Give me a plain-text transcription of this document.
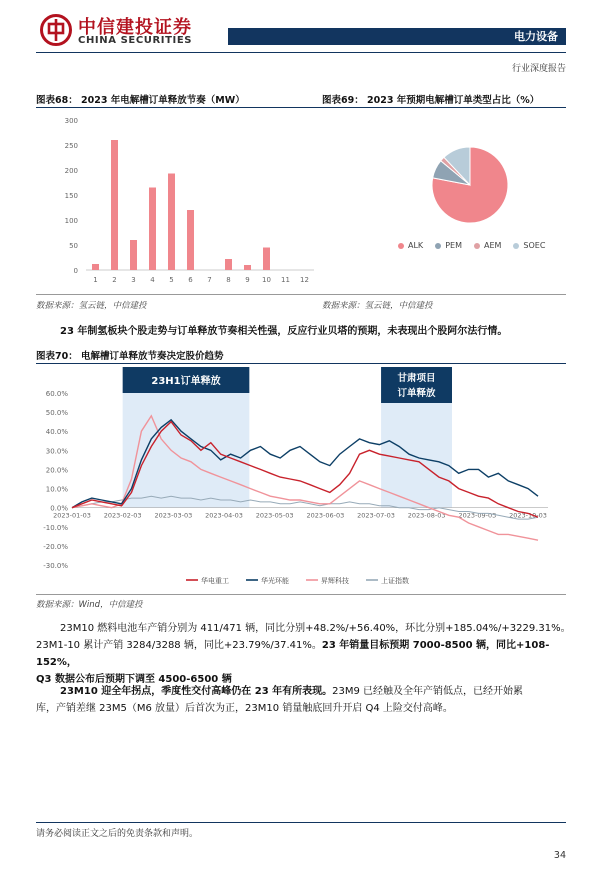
中信建投证券
CHINA SECURITIES	电力设备
行业深度报告
图表68： 2023 年电解槽订单释放节奏（MW）	图表69： 2023 年预期电解槽订单类型占比（%）
0
50
100
150
200
250
300
1 2 3 4 5 6 7 8 9 10 11 12
ALK	PEM	AEM	SOEC
数据来源：氢云链，中信建投	数据来源：氢云链，中信建投
23 年制氢板块个股走势与订单释放节奏相关性强，反应行业贝塔的预期，未表现出个股阿尔法行情。
图表70： 电解槽订单释放节奏决定股价趋势
23H1订单释放	甘肃项目
订单释放
-30.0%
-20.0%
-10.0%
0.0%
10.0%
20.0%
30.0%
40.0%
50.0%
60.0%
2023-01-03 2023-02-03 2023-03-03 2023-04-03 2023-05-03 2023-06-03 2023-07-03 2023-08-03 2023-09-03 2023-10-03
华电重工	华光环能	昇辉科技	上证指数
数据来源：Wind，中信建投
23M10 燃料电池车产销分别为 411/471 辆，同比分别+48.2%/+56.40%，环比分别+185.04%/+3229.31%。
23M1-10 累计产销 3284/3288 辆，同比+23.79%/37.41%。23 年销量目标预期 7000-8500 辆，同比+108-152%，
Q3 数据公布后预期下调至 4500-6500 辆
23M10 迎全年拐点，季度性交付高峰仍在 23 年有所表现。23M9 已经触及全年产销低点，已经开始累
库，产销差继 23M5（M6 放量）后首次为正，23M10 销量触底回升开启 Q4 上险交付高峰。
请务必阅读正文之后的免责条款和声明。
34
